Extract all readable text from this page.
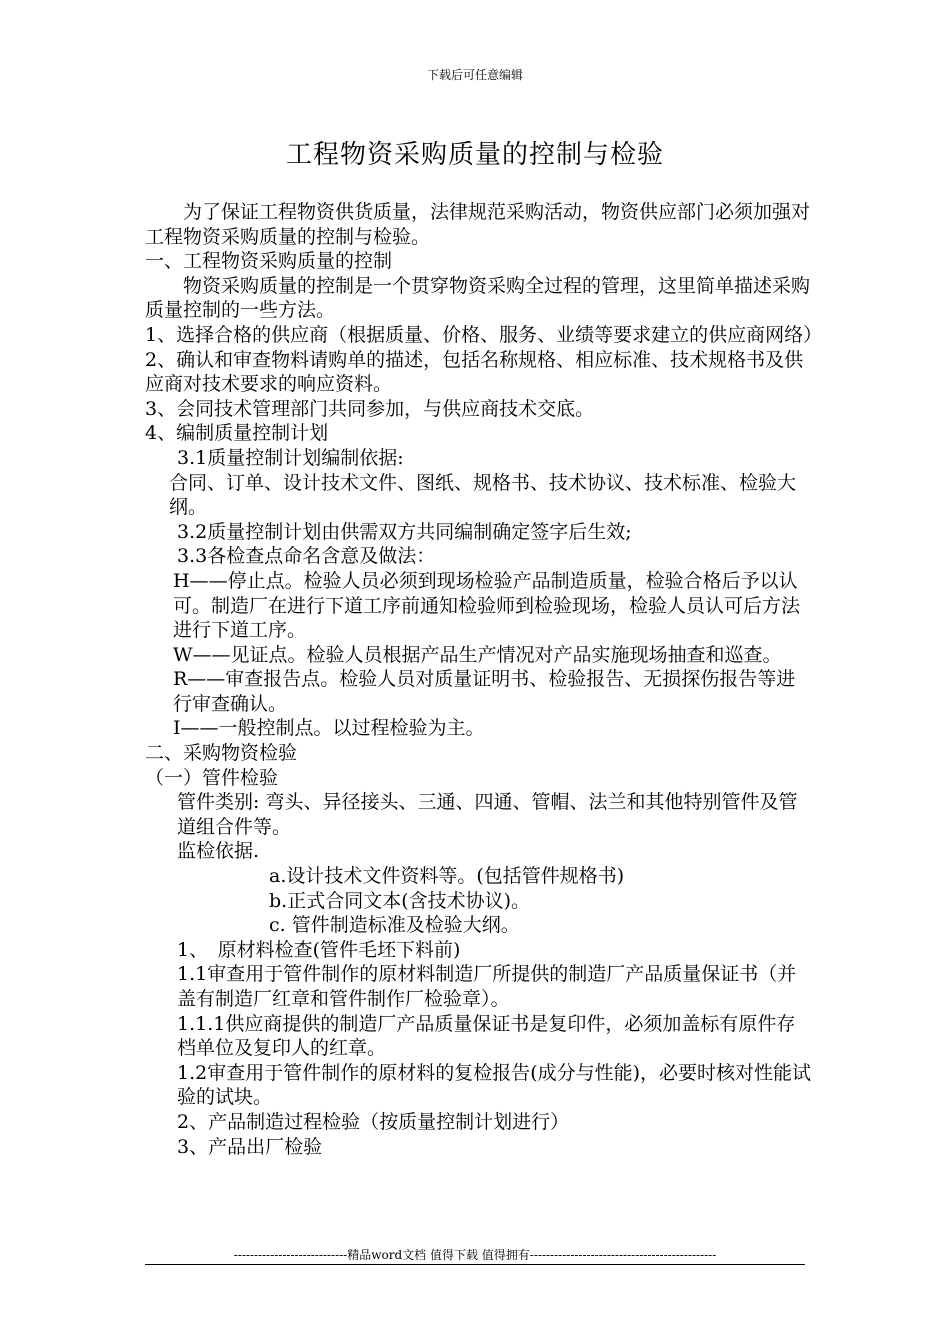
下载后可任意编辑
工程物资采购质量的控制与检验

为了保证工程物资供货质量，法律规范采购活动，物资供应部门必须加强对工程物资采购质量的控制与检验。

一、工程物资采购质量的控制

物资采购质量的控制是一个贯穿物资采购全过程的管理，这里简单描述采购质量控制的一些方法。

1、选择合格的供应商（根据质量、价格、服务、业绩等要求建立的供应商网络）

2、确认和审查物料请购单的描述，包括名称规格、相应标准、技术规格书及供应商对技术要求的响应资料。

3、会同技术管理部门共同参加，与供应商技术交底。

4、编制质量控制计划

3.1质量控制计划编制依据:

合同、订单、设计技术文件、图纸、规格书、技术协议、技术标准、检验大纲。

3.2质量控制计划由供需双方共同编制确定签字后生效;

3.3各检查点命名含意及做法：

H——停止点。检验人员必须到现场检验产品制造质量，检验合格后予以认可。制造厂在进行下道工序前通知检验师到检验现场，检验人员认可后方法进行下道工序。

W——见证点。检验人员根据产品生产情况对产品实施现场抽查和巡查。

R——审查报告点。检验人员对质量证明书、检验报告、无损探伤报告等进行审查确认。

I——一般控制点。以过程检验为主。

二、采购物资检验

（一）管件检验

管件类别: 弯头、异径接头、三通、四通、管帽、法兰和其他特别管件及管道组合件等。

监检依据.

a.设计技术文件资料等。(包括管件规格书)

b.正式合同文本(含技术协议)。

c. 管件制造标准及检验大纲。

1、　原材料检查(管件毛坯下料前)

1.1审查用于管件制作的原材料制造厂所提供的制造厂产品质量保证书（并盖有制造厂红章和管件制作厂检验章）。

1.1.1供应商提供的制造厂产品质量保证书是复印件，必须加盖标有原件存档单位及复印人的红章。

1.2审查用于管件制作的原材料的复检报告(成分与性能)，必要时核对性能试验的试块。

2、产品制造过程检验（按质量控制计划进行）

3、产品出厂检验

----------------------------精品word文档 值得下载 值得拥有----------------------------------------------
